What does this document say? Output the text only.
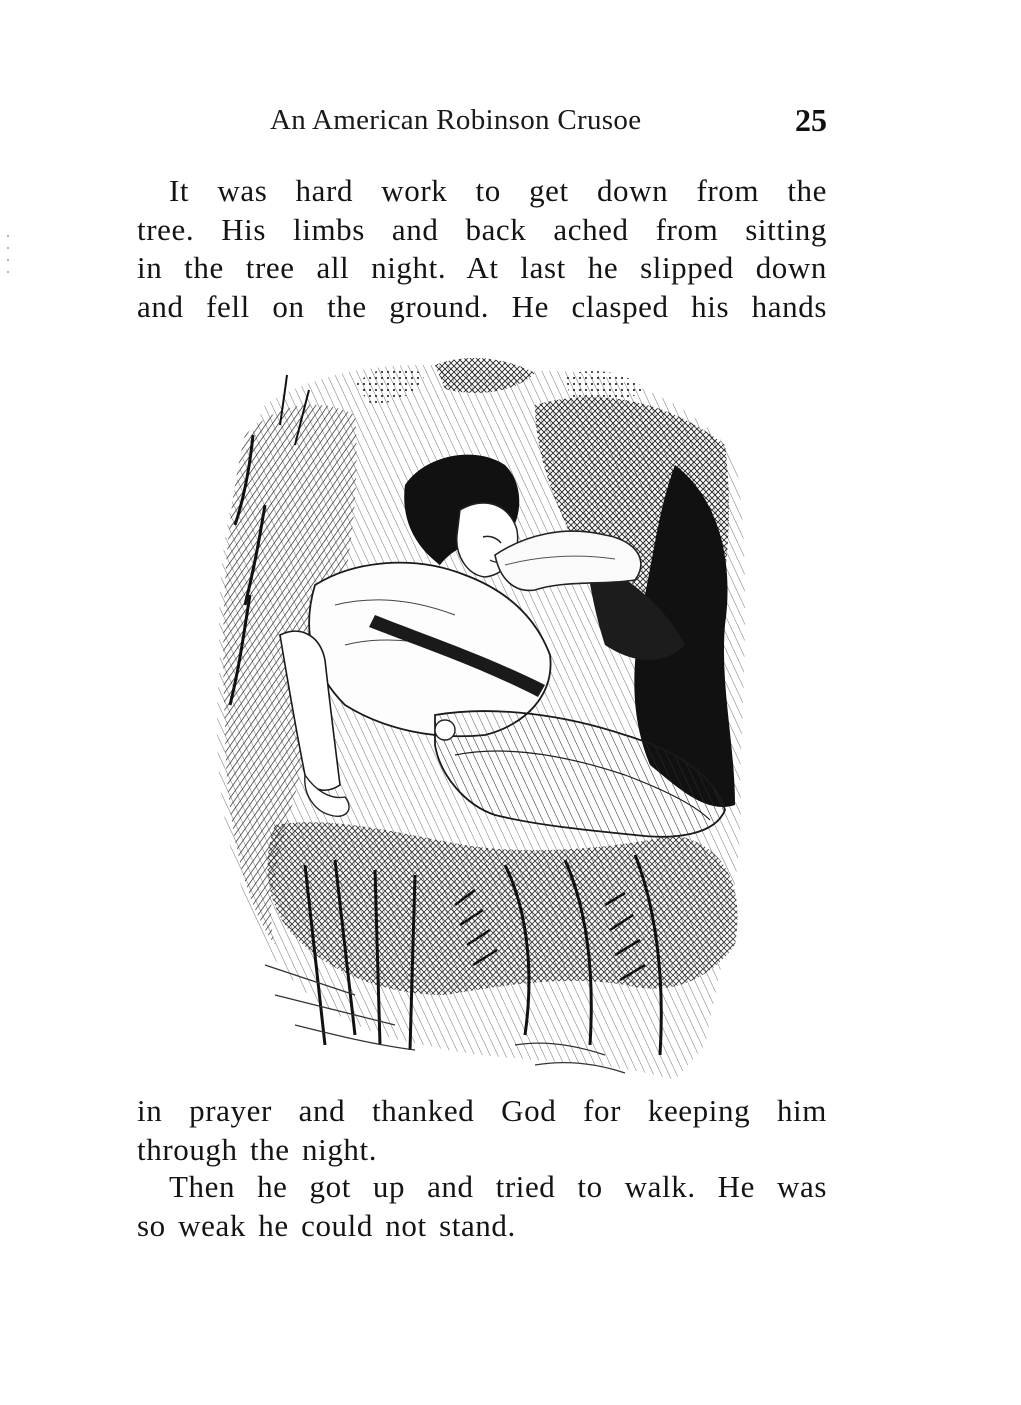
An American Robinson Crusoe	25
It was hard work to get down from the
tree. His limbs and back ached from sitting
in the tree all night. At last he slipped down
and fell on the ground. He clasped his hands
in prayer and thanked God for keeping him
through the night.
Then he got up and tried to walk. He was
so weak he could not stand.
